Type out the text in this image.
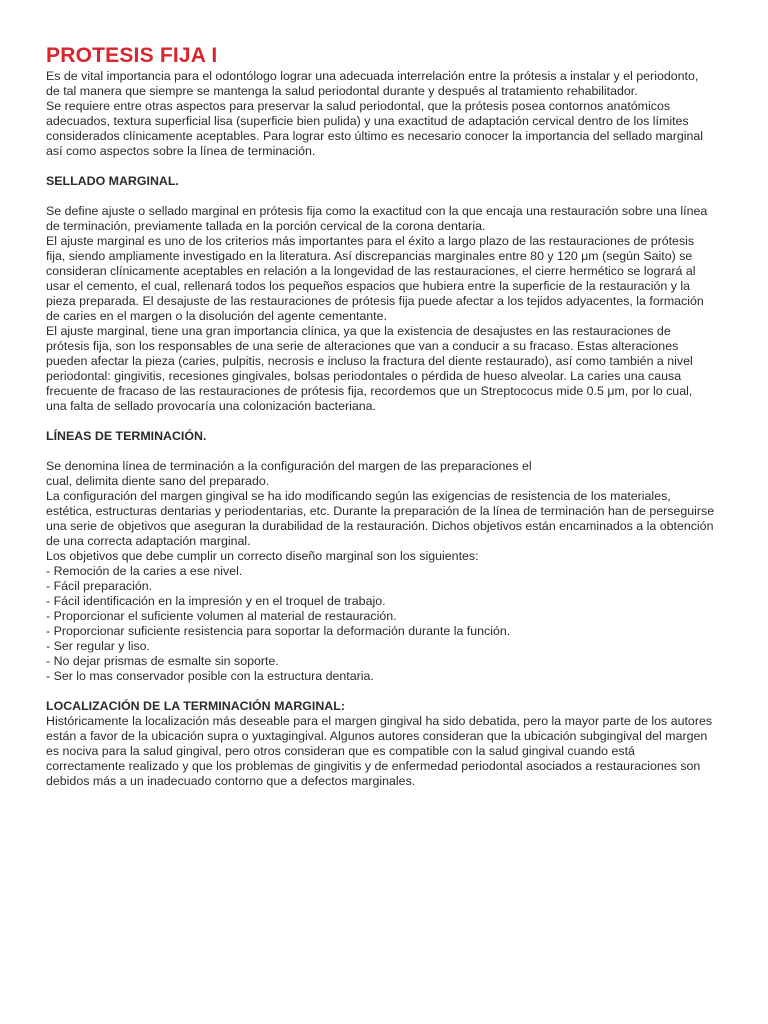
PROTESIS FIJA I

Es de vital importancia para el odontólogo lograr una adecuada interrelación entre la prótesis a instalar y el periodonto,
de tal manera que siempre se mantenga la salud periodontal durante y después al tratamiento rehabilitador.

Se requiere entre otras aspectos para preservar la salud periodontal, que la prótesis posea contornos anatómicos
adecuados, textura superficial lisa (superficie bien pulida) y una exactitud de adaptación cervical dentro de los límites
considerados clínicamente aceptables. Para lograr esto último es necesario conocer la importancia del sellado marginal
así como aspectos sobre la línea de terminación.

SELLADO MARGINAL.

Se define ajuste o sellado marginal en prótesis fija como la exactitud con la que encaja una restauración sobre una línea
de terminación, previamente tallada en la porción cervical de la corona dentaria.

El ajuste marginal es uno de los criterios más importantes para el éxito a largo plazo de las restauraciones de prótesis
fija, siendo ampliamente investigado en la literatura. Así discrepancias marginales entre 80 y 120 μm (según Saito) se
consideran clínicamente aceptables en relación a la longevidad de las restauraciones, el cierre hermético se logrará al
usar el cemento, el cual, rellenará todos los pequeños espacios que hubiera entre la superficie de la restauración y la
pieza preparada. El desajuste de las restauraciones de prótesis fija puede afectar a los tejidos adyacentes, la formación
de caries en el margen o la disolución del agente cementante.

El ajuste marginal, tiene una gran importancia clínica, ya que la existencia de desajustes en las restauraciones de
prótesis fija, son los responsables de una serie de alteraciones que van a conducir a su fracaso. Estas alteraciones
pueden afectar la pieza (caries, pulpitis, necrosis e incluso la fractura del diente restaurado), así como también a nivel
periodontal: gingivitis, recesiones gingivales, bolsas periodontales o pérdida de hueso alveolar. La caries una causa
frecuente de fracaso de las restauraciones de prótesis fija, recordemos que un Streptococus mide 0.5 μm, por lo cual,
una falta de sellado provocaría una colonización bacteriana.

LÍNEAS DE TERMINACIÓN.

Se denomina línea de terminación a la configuración del margen de las preparaciones el
cual, delimita diente sano del preparado.

La configuración del margen gingival se ha ido modificando según las exigencias de resistencia de los materiales,
estética, estructuras dentarias y periodentarias, etc. Durante la preparación de la línea de terminación han de perseguirse
una serie de objetivos que aseguran la durabilidad de la restauración. Dichos objetivos están encaminados a la obtención
de una correcta adaptación marginal.

Los objetivos que debe cumplir un correcto diseño marginal son los siguientes:

- Remoción de la caries a ese nivel.
- Fácil preparación.
- Fácil identificación en la impresión y en el troquel de trabajo.
- Proporcionar el suficiente volumen al material de restauración.
- Proporcionar suficiente resistencia para soportar la deformación durante la función.
- Ser regular y liso.
- No dejar prismas de esmalte sin soporte.
- Ser lo mas conservador posible con la estructura dentaria.
LOCALIZACIÓN DE LA TERMINACIÓN MARGINAL:

Históricamente la localización más deseable para el margen gingival ha sido debatida, pero la mayor parte de los autores
están a favor de la ubicación supra o yuxtagingival. Algunos autores consideran que la ubicación subgingival del margen
es nociva para la salud gingival, pero otros consideran que es compatible con la salud gingival cuando está
correctamente realizado y que los problemas de gingivitis y de enfermedad periodontal asociados a restauraciones son
debidos más a un inadecuado contorno que a defectos marginales.
